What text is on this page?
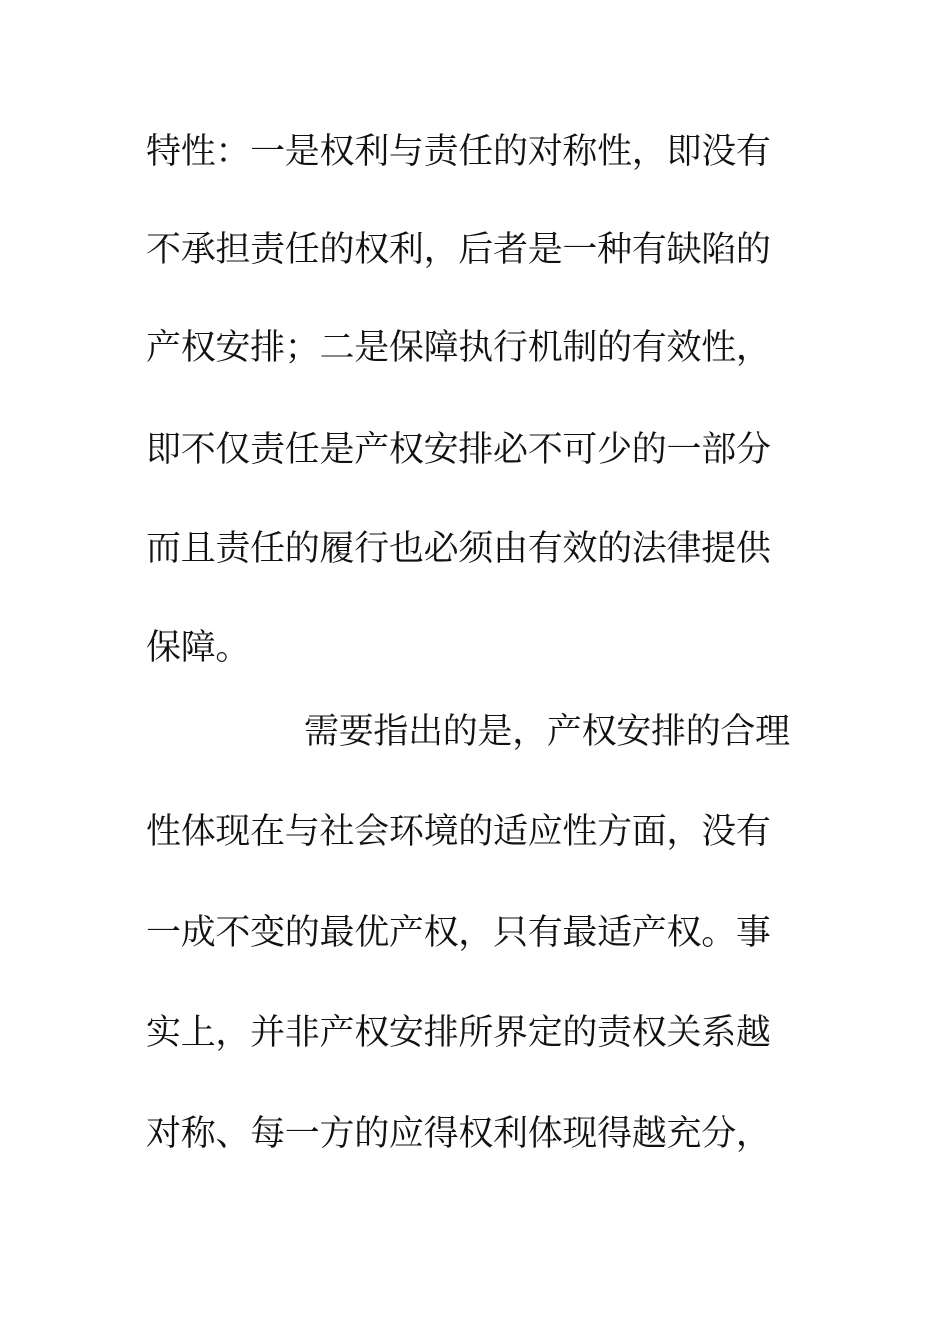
特性：一是权利与责任的对称性，即没有
不承担责任的权利，后者是一种有缺陷的
产权安排；二是保障执行机制的有效性，
即不仅责任是产权安排必不可少的一部分
而且责任的履行也必须由有效的法律提供
保障。
需要指出的是，产权安排的合理
性体现在与社会环境的适应性方面，没有
一成不变的最优产权，只有最适产权。事
实上，并非产权安排所界定的责权关系越
对称、每一方的应得权利体现得越充分，
